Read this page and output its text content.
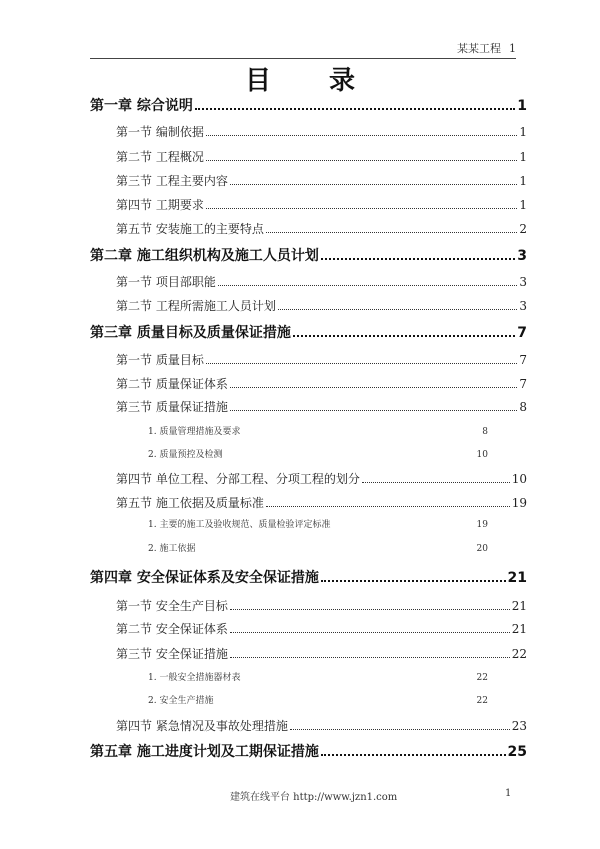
某某工程 1
目录
第一章 综合说明	1
第一节 编制依据	1
第二节 工程概况	1
第三节 工程主要内容	1
第四节 工期要求	1
第五节 安装施工的主要特点	2
第二章 施工组织机构及施工人员计划	3
第一节 项目部职能	3
第二节 工程所需施工人员计划	3
第三章 质量目标及质量保证措施	7
第一节 质量目标	7
第二节 质量保证体系	7
第三节 质量保证措施	8
1. 质量管理措施及要求	8
2. 质量预控及检测	10
第四节 单位工程、分部工程、分项工程的划分	10
第五节 施工依据及质量标准	19
1. 主要的施工及验收规范、质量检验评定标准	19
2. 施工依据	20
第四章 安全保证体系及安全保证措施	21
第一节 安全生产目标	21
第二节 安全保证体系	21
第三节 安全保证措施	22
1. 一般安全措施器材表	22
2. 安全生产措施	22
第四节 紧急情况及事故处理措施	23
第五章 施工进度计划及工期保证措施	25
建筑在线平台 http://www.jzn1.com	1
